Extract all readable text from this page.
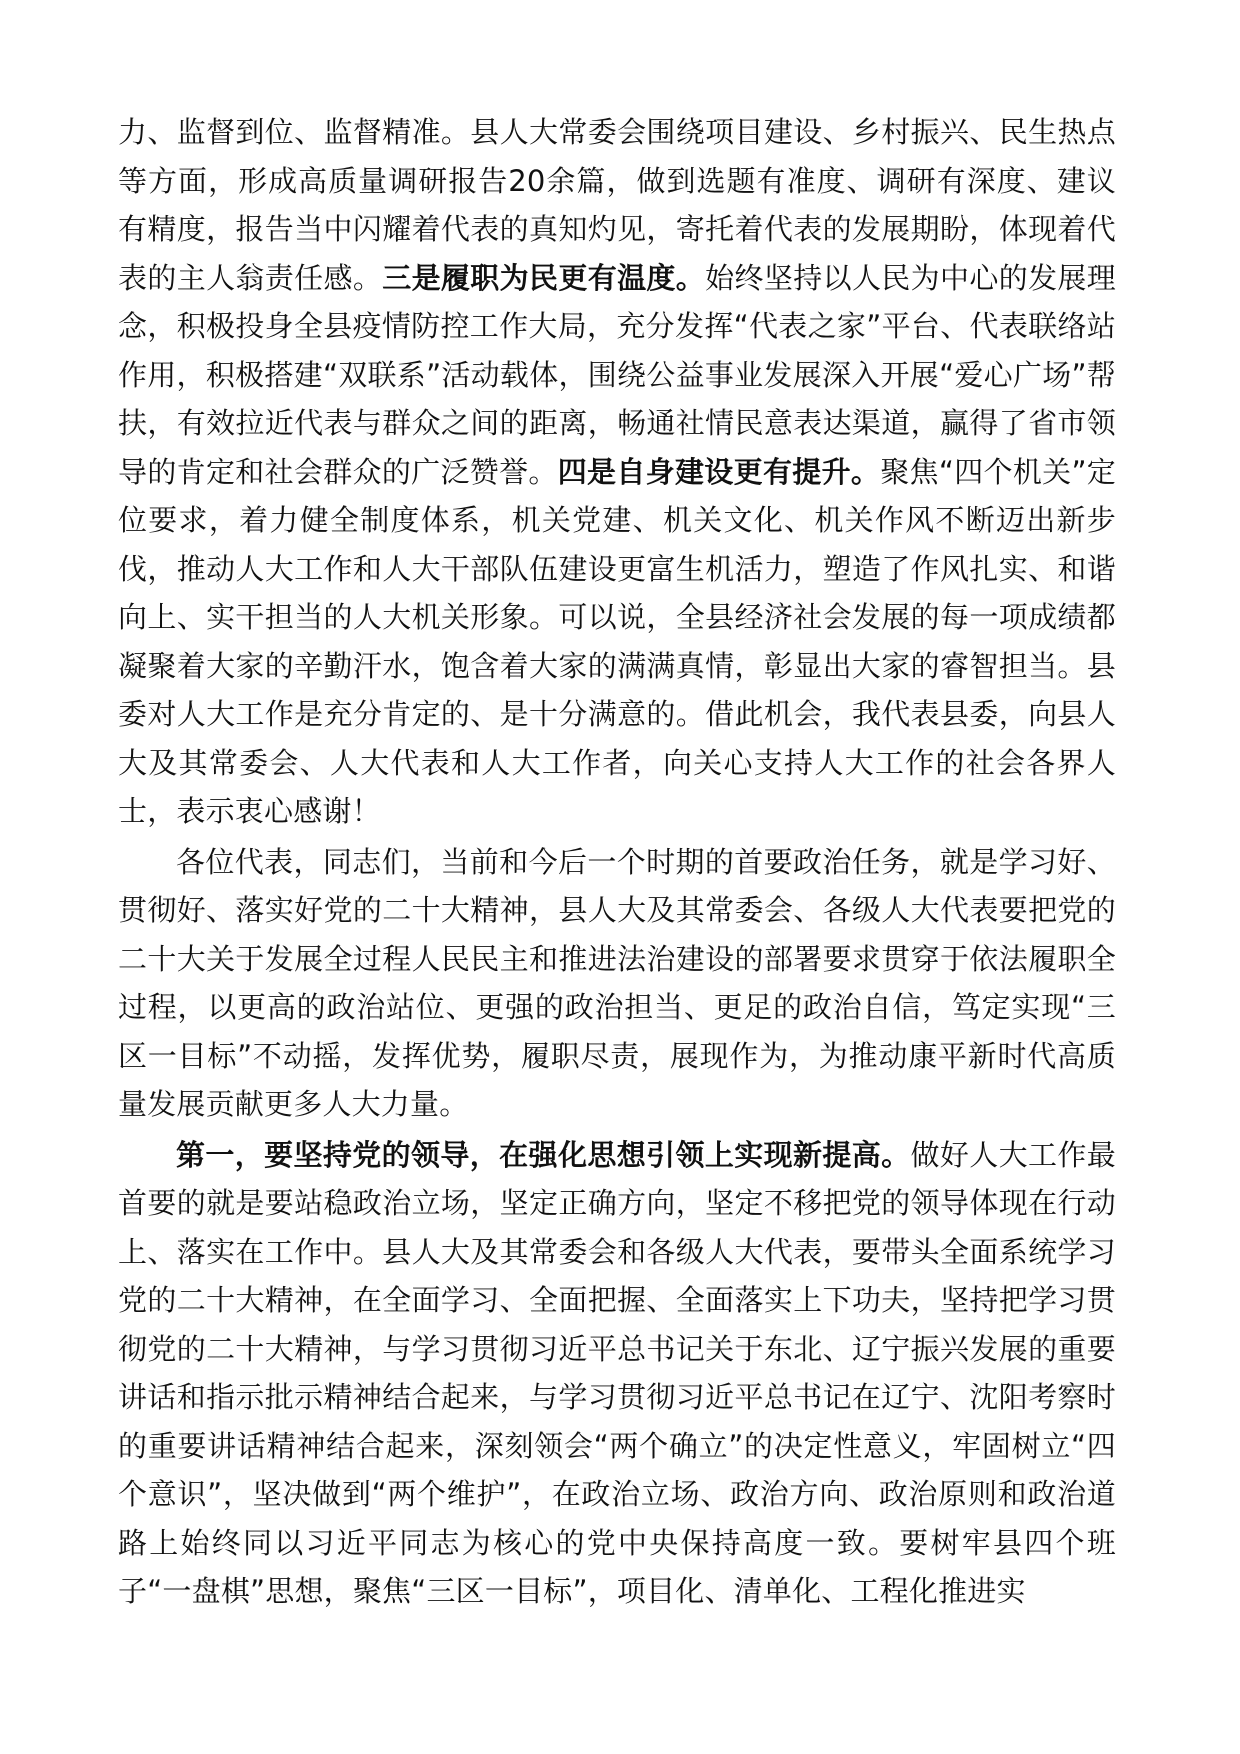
力、监督到位、监督精准。县人大常委会围绕项目建设、乡村振兴、民生热点等方面，形成高质量调研报告20余篇，做到选题有准度、调研有深度、建议有精度，报告当中闪耀着代表的真知灼见，寄托着代表的发展期盼，体现着代表的主人翁责任感。三是履职为民更有温度。始终坚持以人民为中心的发展理念，积极投身全县疫情防控工作大局，充分发挥“代表之家”平台、代表联络站作用，积极搭建“双联系”活动载体，围绕公益事业发展深入开展“爱心广场”帮扶，有效拉近代表与群众之间的距离，畅通社情民意表达渠道，赢得了省市领导的肯定和社会群众的广泛赞誉。四是自身建设更有提升。聚焦“四个机关”定位要求，着力健全制度体系，机关党建、机关文化、机关作风不断迈出新步伐，推动人大工作和人大干部队伍建设更富生机活力，塑造了作风扎实、和谐向上、实干担当的人大机关形象。可以说，全县经济社会发展的每一项成绩都凝聚着大家的辛勤汗水，饱含着大家的满满真情，彰显出大家的睿智担当。县委对人大工作是充分肯定的、是十分满意的。借此机会，我代表县委，向县人大及其常委会、人大代表和人大工作者，向关心支持人大工作的社会各界人士，表示衷心感谢！

各位代表，同志们，当前和今后一个时期的首要政治任务，就是学习好、贯彻好、落实好党的二十大精神，县人大及其常委会、各级人大代表要把党的二十大关于发展全过程人民民主和推进法治建设的部署要求贯穿于依法履职全过程，以更高的政治站位、更强的政治担当、更足的政治自信，笃定实现“三区一目标”不动摇，发挥优势，履职尽责，展现作为，为推动康平新时代高质量发展贡献更多人大力量。

第一，要坚持党的领导，在强化思想引领上实现新提高。做好人大工作最首要的就是要站稳政治立场，坚定正确方向，坚定不移把党的领导体现在行动上、落实在工作中。县人大及其常委会和各级人大代表，要带头全面系统学习党的二十大精神，在全面学习、全面把握、全面落实上下功夫，坚持把学习贯彻党的二十大精神，与学习贯彻习近平总书记关于东北、辽宁振兴发展的重要讲话和指示批示精神结合起来，与学习贯彻习近平总书记在辽宁、沈阳考察时的重要讲话精神结合起来，深刻领会“两个确立”的决定性意义，牢固树立“四个意识”，坚决做到“两个维护”，在政治立场、政治方向、政治原则和政治道路上始终同以习近平同志为核心的党中央保持高度一致。要树牢县四个班子“一盘棋”思想，聚焦“三区一目标”，项目化、清单化、工程化推进实
